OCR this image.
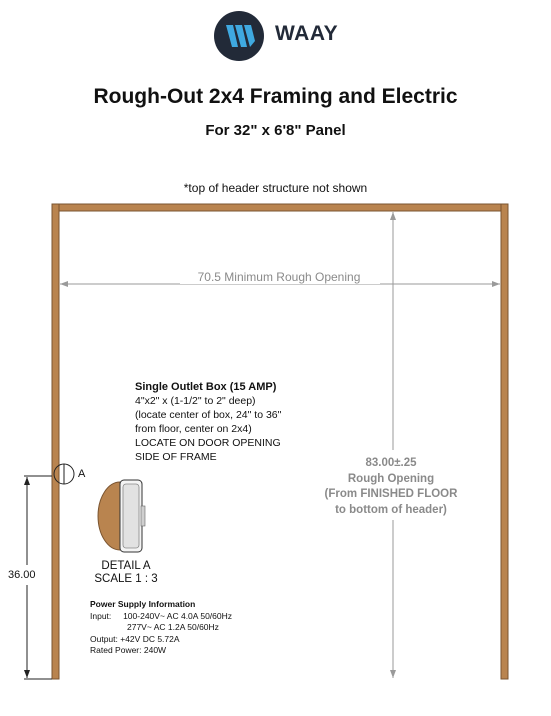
70.5 Minimum Rough Opening
WAAY
Rough-Out 2x4 Framing and Electric
For 32" x 6'8" Panel
*top of header structure not shown
Single Outlet Box (15 AMP)
4"x2" x (1-1/2" to 2" deep)
(locate center of box, 24" to 36"
from floor, center on 2x4)
LOCATE ON DOOR OPENING
SIDE OF FRAME	83.00±.25
Rough Opening
(From FINISHED FLOOR
to bottom of header)
A
DETAIL A
SCALE 1 : 3
36.00
Power Supply Information
Input:     100-240V~ AC 4.0A 50/60Hz
277V~ AC 1.2A 50/60Hz
Output: +42V DC 5.72A
Rated Power: 240W
